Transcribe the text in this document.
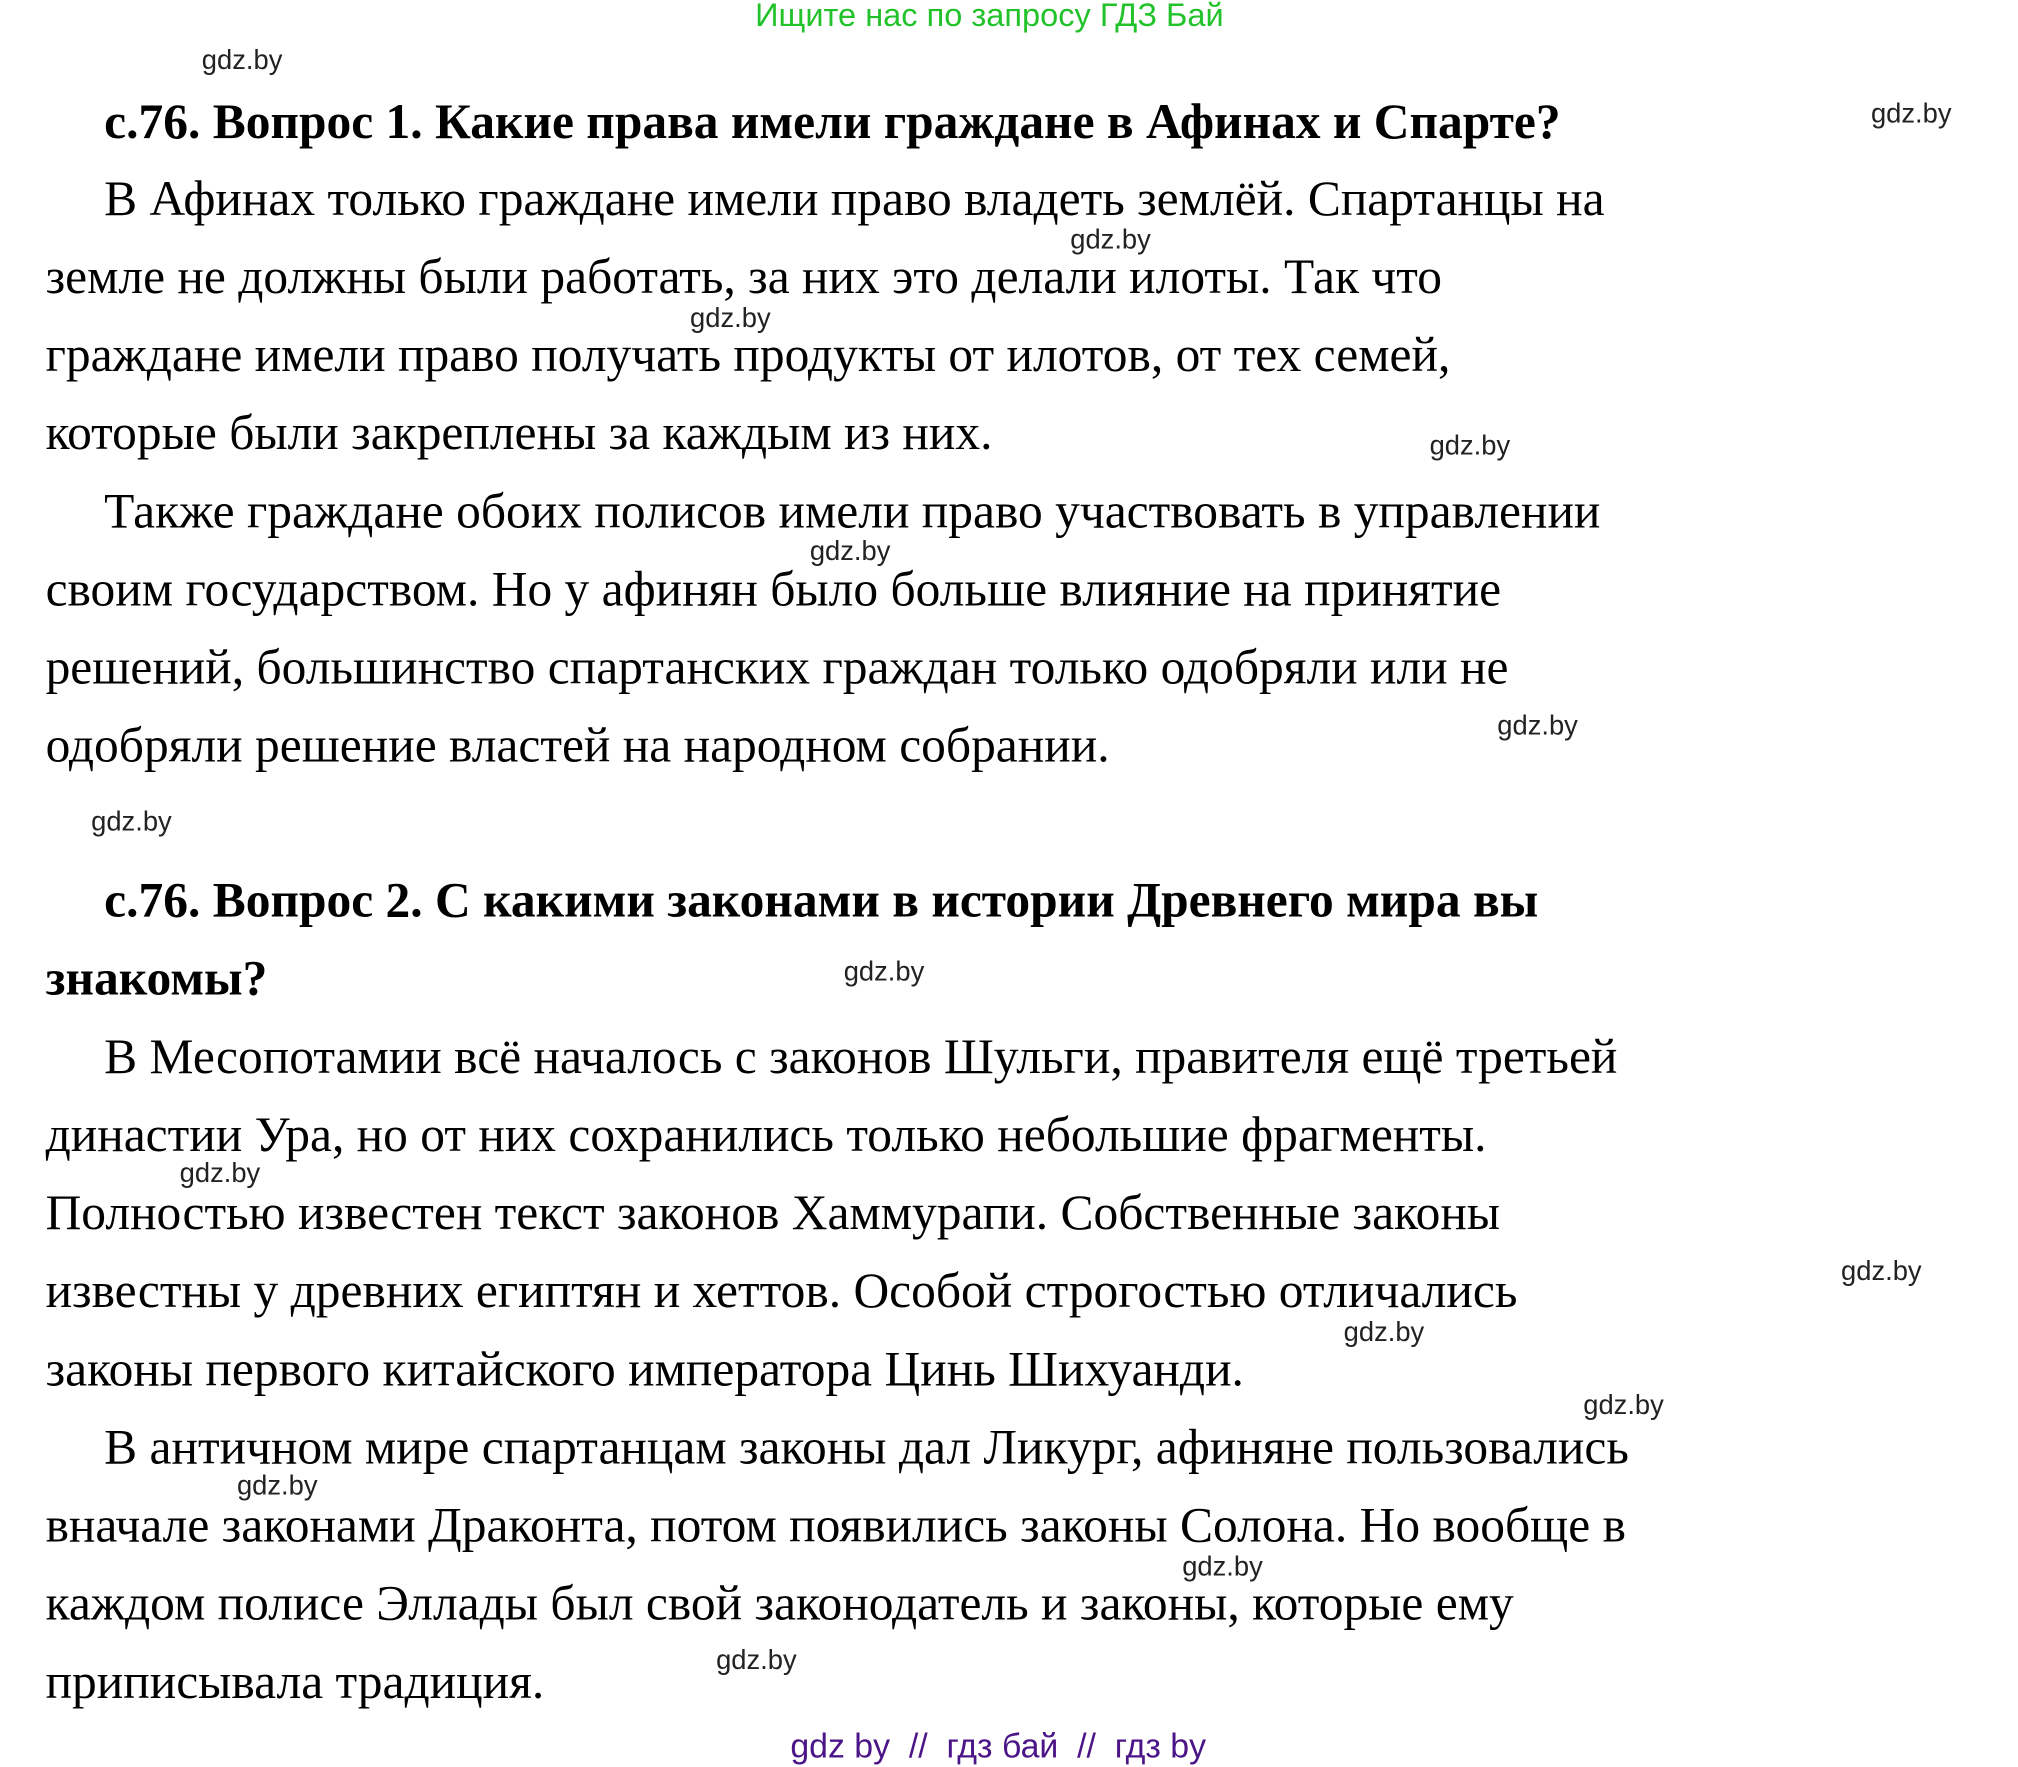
Ищите нас по запросу ГДЗ Бай
gdz.by
gdz.by
gdz.by
gdz.by
gdz.by
gdz.by
gdz.by
gdz.by
gdz.by
gdz.by
gdz.by
gdz.by
gdz.by
gdz.by
gdz.by
gdz.by
с.76. Вопрос 1. Какие права имели граждане в Афинах и Спарте?
В Афинах только граждане имели право владеть землёй. Спартанцы на
земле не должны были работать, за них это делали илоты. Так что
граждане имели право получать продукты от илотов, от тех семей,
которые были закреплены за каждым из них.
Также граждане обоих полисов имели право участвовать в управлении
своим государством. Но у афинян было больше влияние на принятие
решений, большинство спартанских граждан только одобряли или не
одобряли решение властей на народном собрании.
с.76. Вопрос 2. С какими законами в истории Древнего мира вы
знакомы?
В Месопотамии всё началось с законов Шульги, правителя ещё третьей
династии Ура, но от них сохранились только небольшие фрагменты.
Полностью известен текст законов Хаммурапи. Собственные законы
известны у древних египтян и хеттов. Особой строгостью отличались
законы первого китайского императора Цинь Шихуанди.
В античном мире спартанцам законы дал Ликург, афиняне пользовались
вначале законами Драконта, потом появились законы Солона. Но вообще в
каждом полисе Эллады был свой законодатель и законы, которые ему
приписывала традиция.
gdz by  //  гдз бай  //  гдз by
